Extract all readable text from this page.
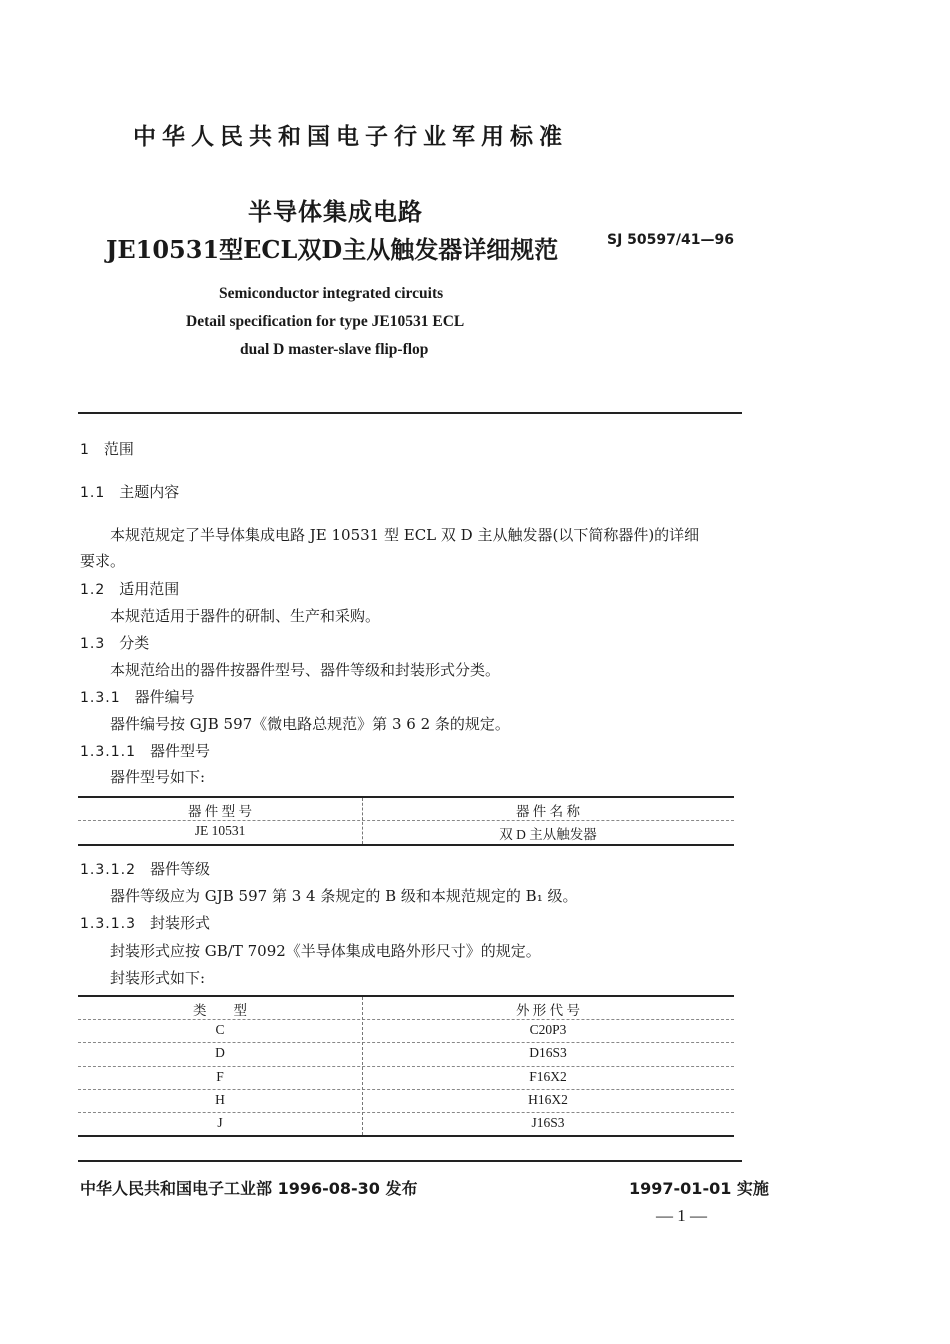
中华人民共和国电子行业军用标准
半导体集成电路
JE10531型ECL双D主从触发器详细规范	SJ 50597/41—96
Semiconductor integrated circuits
Detail specification for type JE10531 ECL
dual D master-slave flip-flop
1 范围
1.1 主题内容
本规范规定了半导体集成电路 JE 10531 型 ECL 双 D 主从触发器(以下简称器件)的详细
要求。
1.2 适用范围
本规范适用于器件的研制、生产和采购。
1.3 分类
本规范给出的器件按器件型号、器件等级和封装形式分类。
1.3.1 器件编号
器件编号按 GJB 597《微电路总规范》第 3 6 2 条的规定。
1.3.1.1 器件型号
器件型号如下:
器 件 型 号	器 件 名 称
JE 10531	双 D 主从触发器
1.3.1.2 器件等级
器件等级应为 GJB 597 第 3 4 条规定的 B 级和本规范规定的 B₁ 级。
1.3.1.3 封装形式
封装形式应按 GB/T 7092《半导体集成电路外形尺寸》的规定。
封装形式如下:
类　　型	外 形 代 号
C	C20P3
D	D16S3
F	F16X2
H	H16X2
J	J16S3
中华人民共和国电子工业部 1996-08-30 发布	1997-01-01 实施
— 1 —
